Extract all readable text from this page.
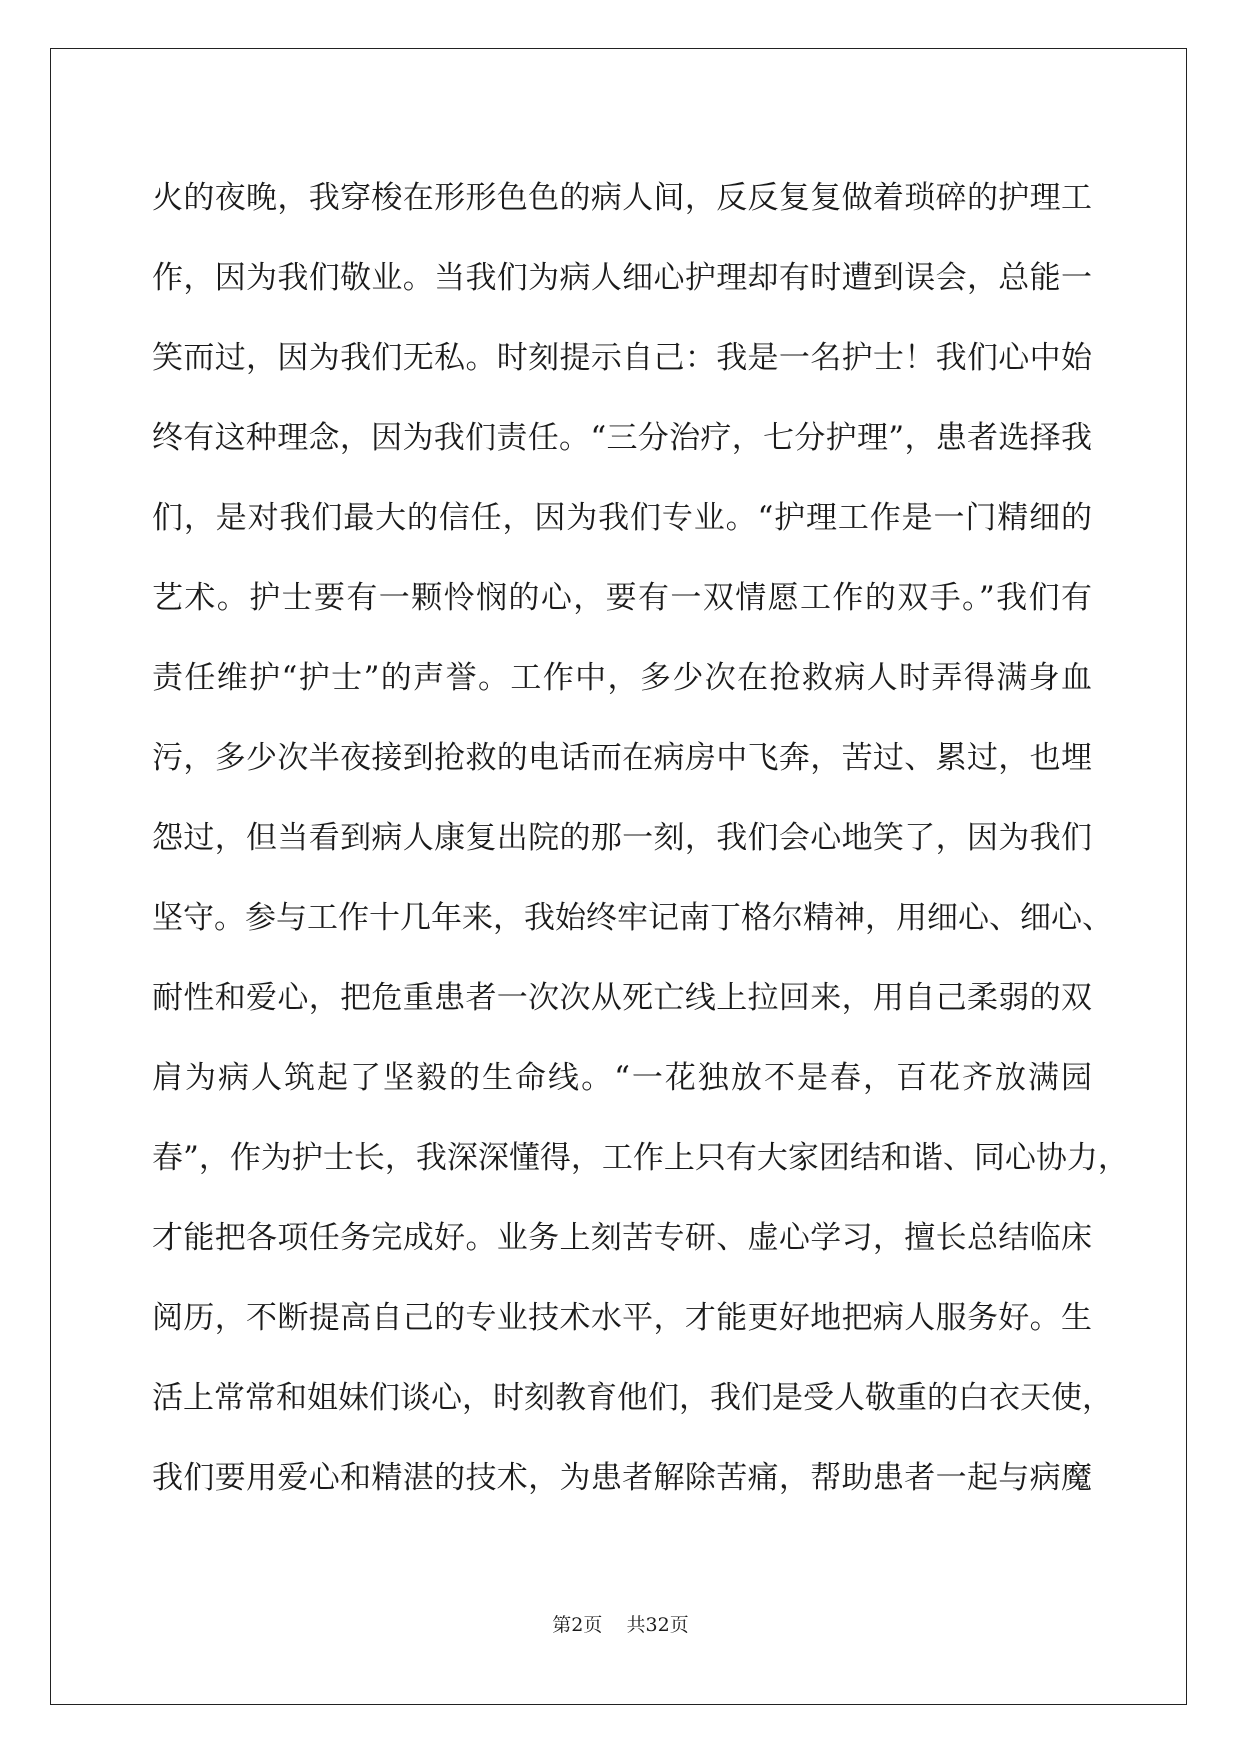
火的夜晚，我穿梭在形形色色的病人间，反反复复做着琐碎的护理工
作，因为我们敬业。当我们为病人细心护理却有时遭到误会，总能一
笑而过，因为我们无私。时刻提示自己：我是一名护士！我们心中始
终有这种理念，因为我们责任。“三分治疗，七分护理”，患者选择我
们，是对我们最大的信任，因为我们专业。“护理工作是一门精细的
艺术。护士要有一颗怜悯的心，要有一双情愿工作的双手。”我们有
责任维护“护士”的声誉。工作中，多少次在抢救病人时弄得满身血
污，多少次半夜接到抢救的电话而在病房中飞奔，苦过、累过，也埋
怨过，但当看到病人康复出院的那一刻，我们会心地笑了，因为我们
坚守。参与工作十几年来，我始终牢记南丁格尔精神，用细心、细心、
耐性和爱心，把危重患者一次次从死亡线上拉回来，用自己柔弱的双
肩为病人筑起了坚毅的生命线。“一花独放不是春，百花齐放满园
春”，作为护士长，我深深懂得，工作上只有大家团结和谐、同心协力，
才能把各项任务完成好。业务上刻苦专研、虚心学习，擅长总结临床
阅历，不断提高自己的专业技术水平，才能更好地把病人服务好。生
活上常常和姐妹们谈心，时刻教育他们，我们是受人敬重的白衣天使，
我们要用爱心和精湛的技术，为患者解除苦痛，帮助患者一起与病魔
第2页 共32页
